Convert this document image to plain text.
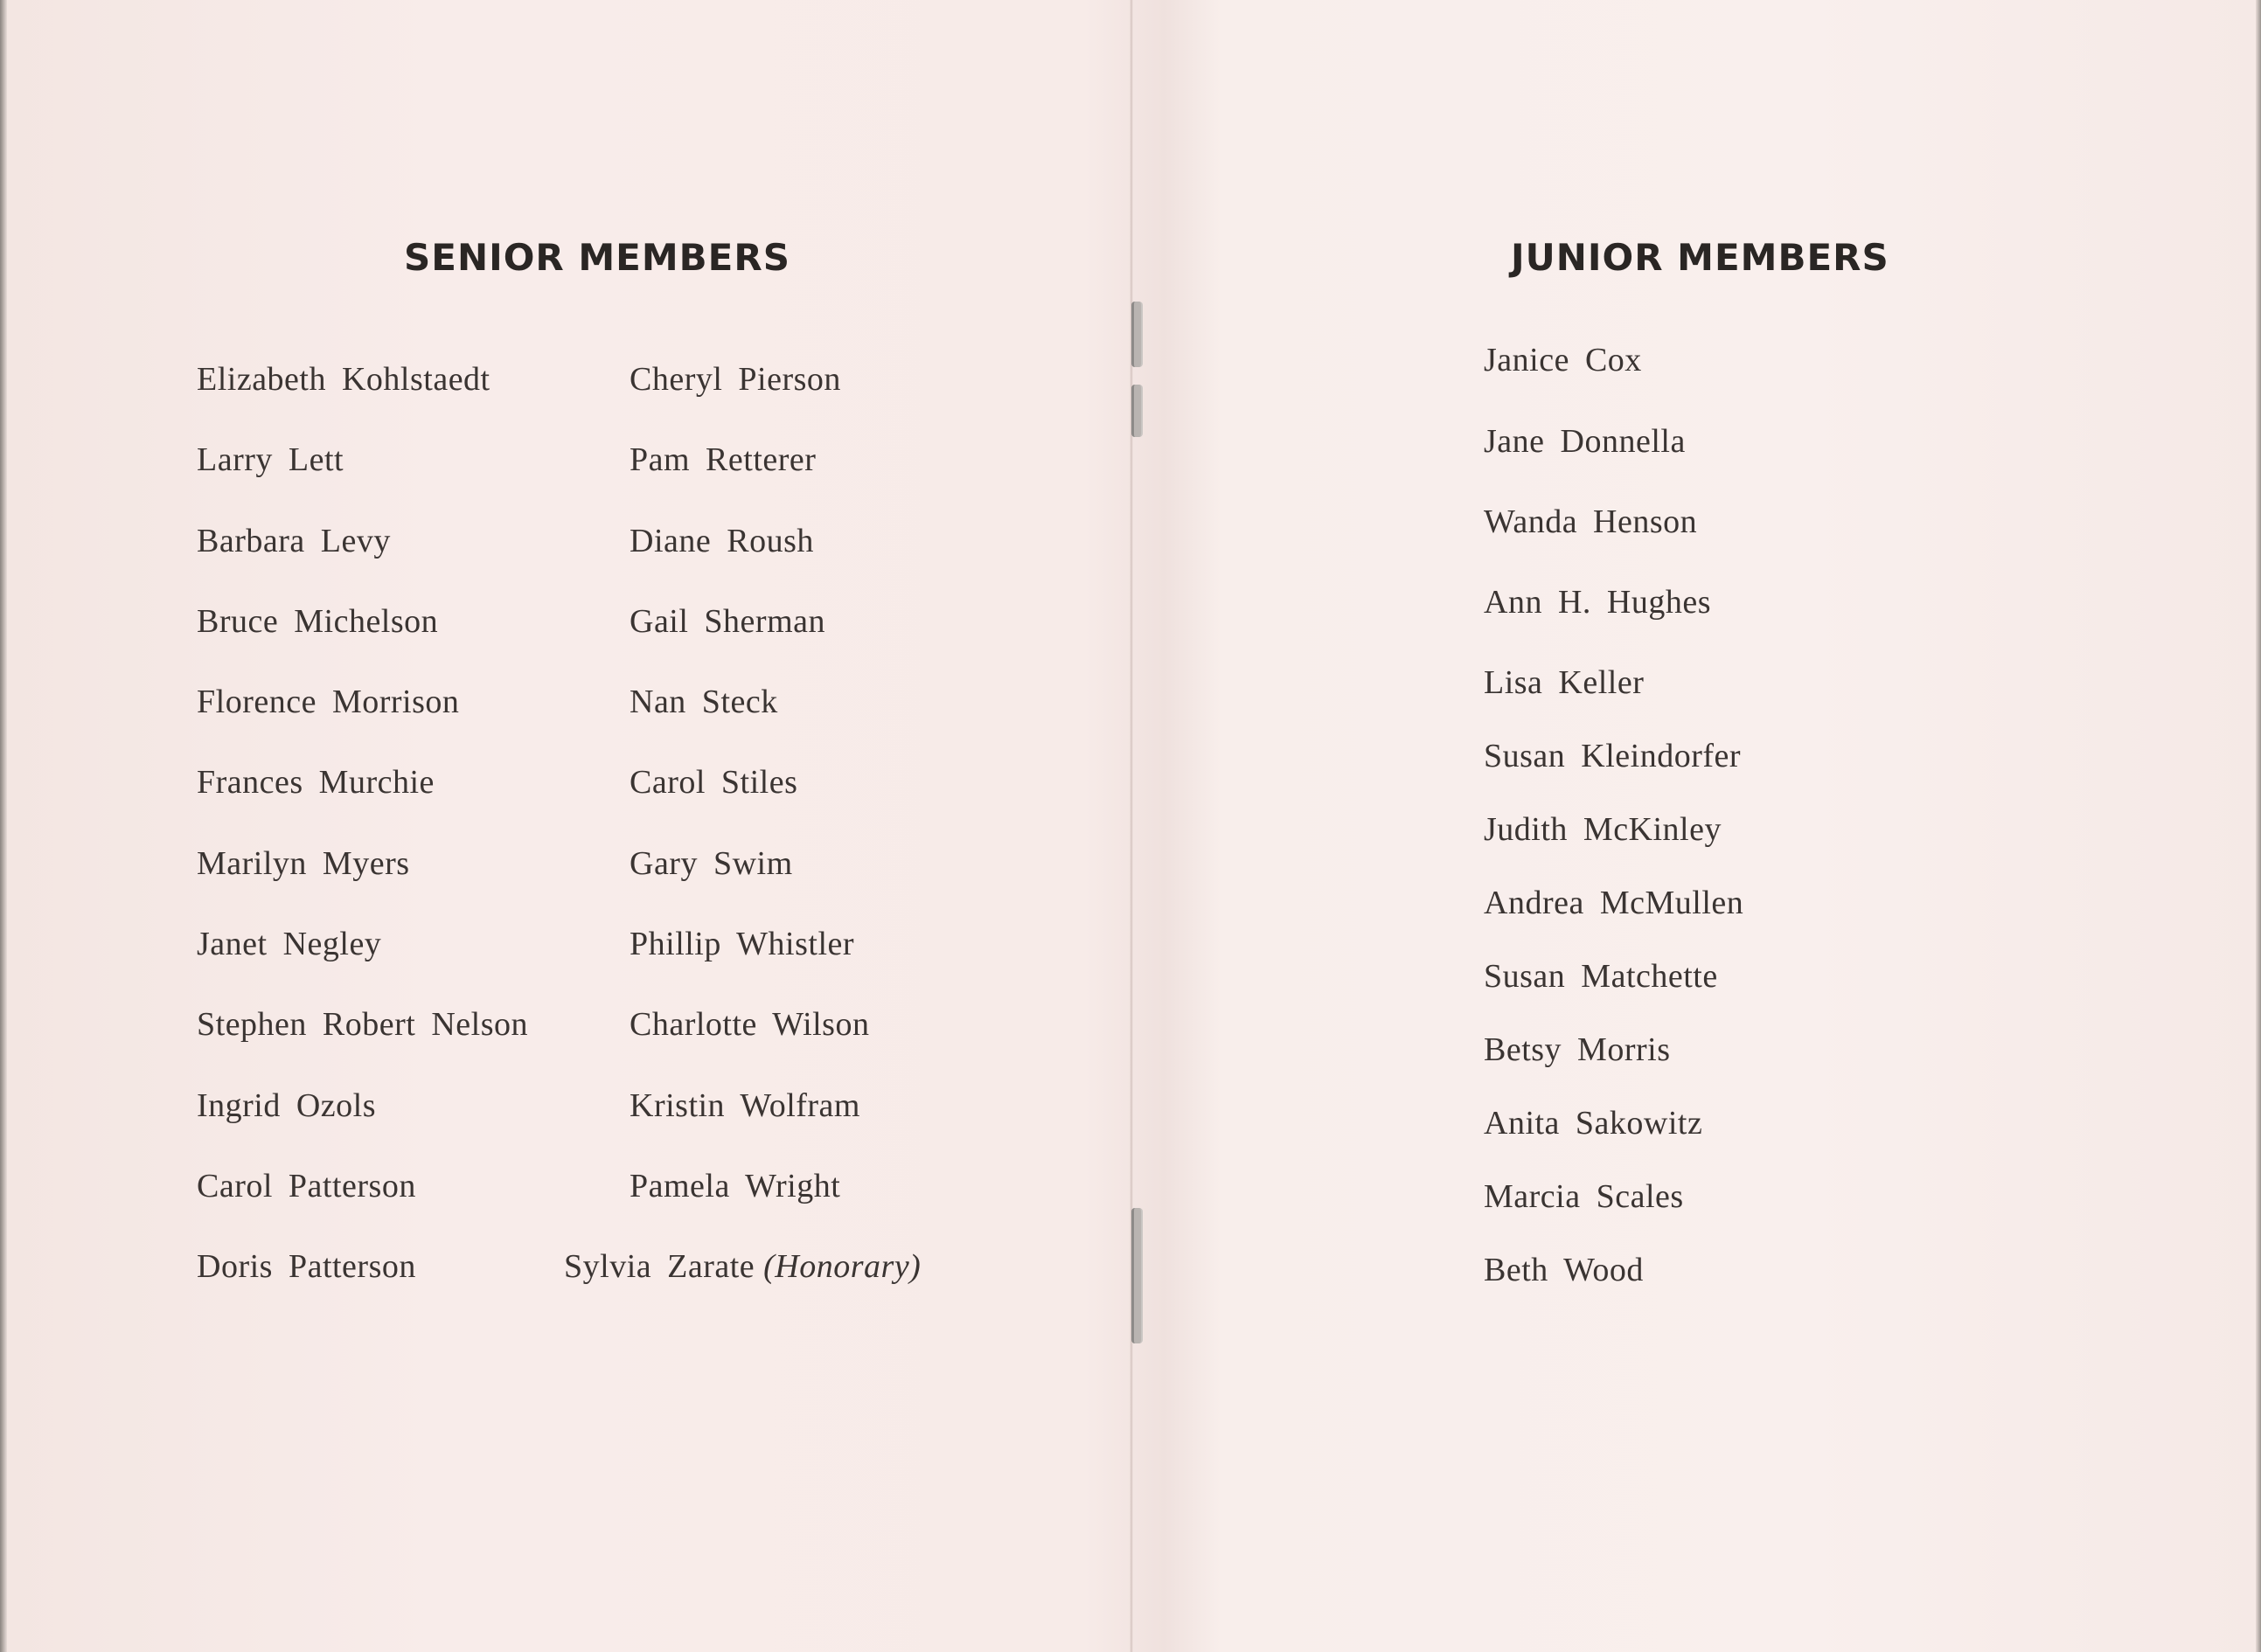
SENIOR MEMBERS
Elizabeth Kohlstaedt
Larry Lett
Barbara Levy
Bruce Michelson
Florence Morrison
Frances Murchie
Marilyn Myers
Janet Negley
Stephen Robert Nelson
Ingrid Ozols
Carol Patterson
Doris Patterson
Cheryl Pierson
Pam Retterer
Diane Roush
Gail Sherman
Nan Steck
Carol Stiles
Gary Swim
Phillip Whistler
Charlotte Wilson
Kristin Wolfram
Pamela Wright
Sylvia Zarate (Honorary)
JUNIOR MEMBERS
Janice Cox
Jane Donnella
Wanda Henson
Ann H. Hughes
Lisa Keller
Susan Kleindorfer
Judith McKinley
Andrea McMullen
Susan Matchette
Betsy Morris
Anita Sakowitz
Marcia Scales
Beth Wood
